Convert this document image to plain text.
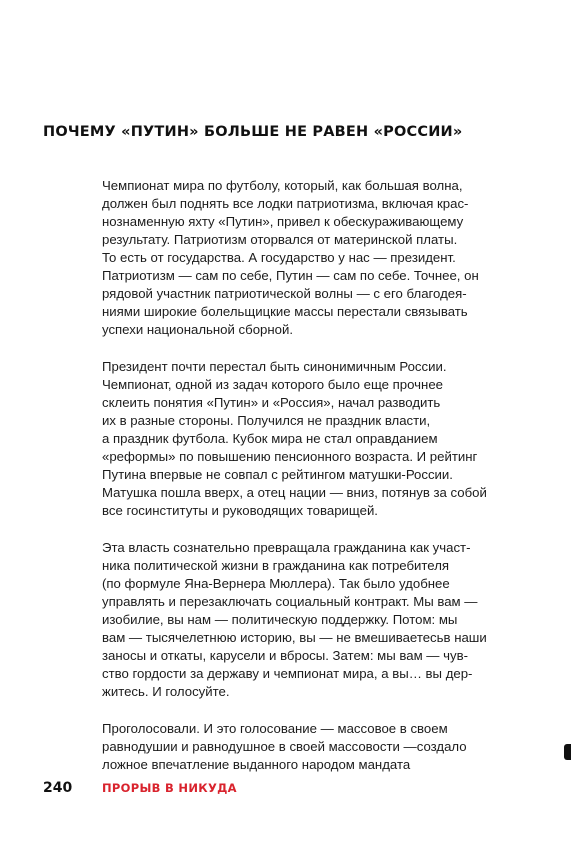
ПОЧЕМУ «ПУТИН» БОЛЬШЕ НЕ РАВЕН «РОССИИ»

Чемпионат мира по футболу, который, как большая волна,
должен был поднять все лодки патриотизма, включая крас-
нознаменную яхту «Путин», привел к обескураживающему
результату. Патриотизм оторвался от материнской платы.
То есть от государства. А государство у нас — президент.
Патриотизм — сам по себе, Путин — сам по себе. Точнее, он
рядовой участник патриотической волны — с его благодея-
ниями широкие болельщицкие массы перестали связывать
успехи национальной сборной.

Президент почти перестал быть синонимичным России.
Чемпионат, одной из задач которого было еще прочнее
склеить понятия «Путин» и «Россия», начал разводить
их в разные стороны. Получился не праздник власти,
а праздник футбола. Кубок мира не стал оправданием
«реформы» по повышению пенсионного возраста. И рейтинг
Путина впервые не совпал с рейтингом матушки-России.
Матушка пошла вверх, а отец нации — вниз, потянув за собой
все госинституты и руководящих товарищей.

Эта власть сознательно превращала гражданина как участ-
ника политической жизни в гражданина как потребителя
(по формуле Яна-Вернера Мюллера). Так было удобнее
управлять и перезаключать социальный контракт. Мы вам —
изобилие, вы нам — политическую поддержку. Потом: мы
вам — тысячелетнюю историю, вы — не вмешиваетесьв наши
заносы и откаты, карусели и вбросы. Затем: мы вам — чув-
ство гордости за державу и чемпионат мира, а вы… вы дер-
житесь. И голосуйте.

Проголосовали. И это голосование — массовое в своем
равнодушии и равнодушное в своей массовости —создало
ложное впечатление выданного народом мандата

240	ПРОРЫВ В НИКУДА
